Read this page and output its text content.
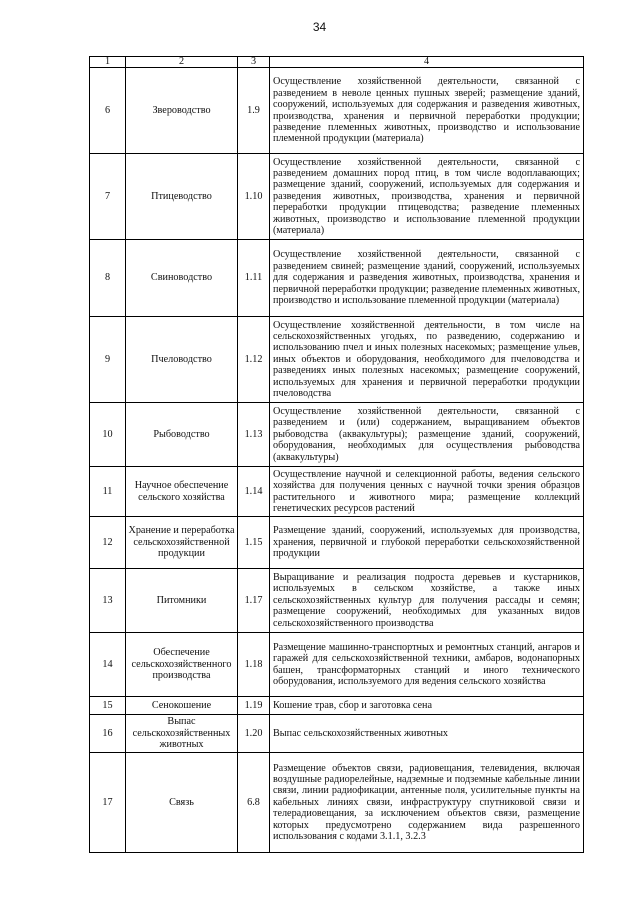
34
1	2	3	4
6	Звероводство	1.9	Осуществление хозяйственной деятельности, связанной с разведением в неволе ценных пушных зверей; размещение зданий, сооружений, используемых для содержания и разведения животных, производства, хранения и первичной переработки продукции; разведение племенных животных, производство и использование племенной продукции (материала)
7	Птицеводство	1.10	Осуществление хозяйственной деятельности, связанной с разведением домашних пород птиц, в том числе водоплавающих; размещение зданий, сооружений, используемых для содержания и разведения животных, производства, хранения и первичной переработки продукции птицеводства; разведение племенных животных, производство и использование племенной продукции (материала)
8	Свиноводство	1.11	Осуществление хозяйственной деятельности, связанной с разведением свиней; размещение зданий, сооружений, используемых для содержания и разведения животных, производства, хранения и первичной переработки продукции; разведение племенных животных, производство и использование племенной продукции (материала)
9	Пчеловодство	1.12	Осуществление хозяйственной деятельности, в том числе на сельскохозяйственных угодьях, по разведению, содержанию и использованию пчел и иных полезных насекомых; размещение ульев, иных объектов и оборудования, необходимого для пчеловодства и разведениях иных полезных насекомых; размещение сооружений, используемых для хранения и первичной переработки продукции пчеловодства
10	Рыбоводство	1.13	Осуществление хозяйственной деятельности, связанной с разведением и (или) содержанием, выращиванием объектов рыбоводства (аквакультуры); размещение зданий, сооружений, оборудования, необходимых для осуществления рыбоводства (аквакультуры)
11	Научное обеспечение сельского хозяйства	1.14	Осуществление научной и селекционной работы, ведения сельского хозяйства для получения ценных с научной точки зрения образцов растительного и животного мира; размещение коллекций генетических ресурсов растений
12	Хранение и переработка сельскохозяйственной продукции	1.15	Размещение зданий, сооружений, используемых для производства, хранения, первичной и глубокой переработки сельскохозяйственной продукции
13	Питомники	1.17	Выращивание и реализация подроста деревьев и кустарников, используемых в сельском хозяйстве, а также иных сельскохозяйственных культур для получения рассады и семян; размещение сооружений, необходимых для указанных видов сельскохозяйственного производства
14	Обеспечение сельскохозяйственного производства	1.18	Размещение машинно-транспортных и ремонтных станций, ангаров и гаражей для сельскохозяйственной техники, амбаров, водонапорных башен, трансформаторных станций и иного технического оборудования, используемого для ведения сельского хозяйства
15	Сенокошение	1.19	Кошение трав, сбор и заготовка сена
16	Выпас сельскохозяйственных животных	1.20	Выпас сельскохозяйственных животных
17	Связь	6.8	Размещение объектов связи, радиовещания, телевидения, включая воздушные радиорелейные, надземные и подземные кабельные линии связи, линии радиофикации, антенные поля, усилительные пункты на кабельных линиях связи, инфраструктуру спутниковой связи и телерадиовещания, за исключением объектов связи, размещение которых предусмотрено содержанием вида разрешенного использования с кодами 3.1.1, 3.2.3
